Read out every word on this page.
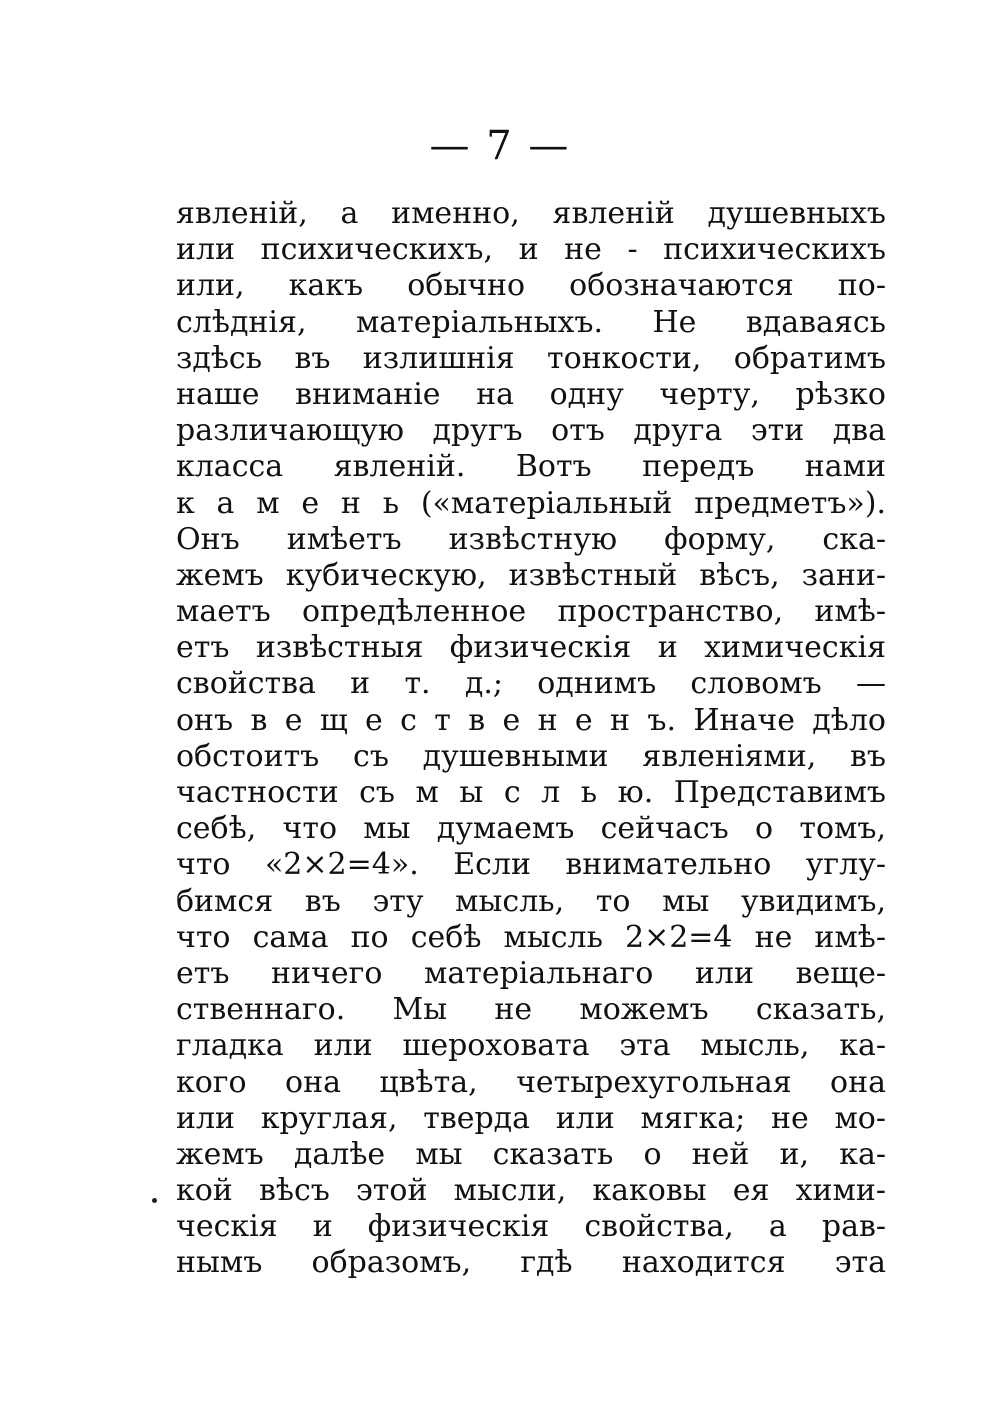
— 7 —
явленій, а именно, явленій душевныхъ
или психическихъ, и не - психическихъ
или, какъ обычно обозначаются по-
слѣднія, матеріальныхъ. Не вдаваясь
здѣсь въ излишнія тонкости, обратимъ
наше вниманіе на одну черту, рѣзко
различающую другъ отъ друга эти два
класса явленій. Вотъ передъ нами
к а м е н ь («матеріальный предметъ»).
Онъ имѣетъ извѣстную форму, ска-
жемъ кубическую, извѣстный вѣсъ, зани-
маетъ опредѣленное пространство, имѣ-
етъ извѣстныя физическія и химическія
свойства и т. д.; однимъ словомъ —
онъ в е щ е с т в е н е н ъ. Иначе дѣло
обстоитъ съ душевными явленіями, въ
частности съ м ы с л ь ю. Представимъ
себѣ, что мы думаемъ сейчасъ о томъ,
что «2×2=4». Если внимательно углу-
бимся въ эту мысль, то мы увидимъ,
что сама по себѣ мысль 2×2=4 не имѣ-
етъ ничего матеріальнаго или веще-
ственнаго. Мы не можемъ сказать,
гладка или шероховата эта мысль, ка-
кого она цвѣта, четырехугольная она
или круглая, тверда или мягка; не мо-
жемъ далѣе мы сказать о ней и, ка-
кой вѣсъ этой мысли, каковы ея хими-
ческія и физическія свойства, а рав-
нымъ образомъ, гдѣ находится эта
